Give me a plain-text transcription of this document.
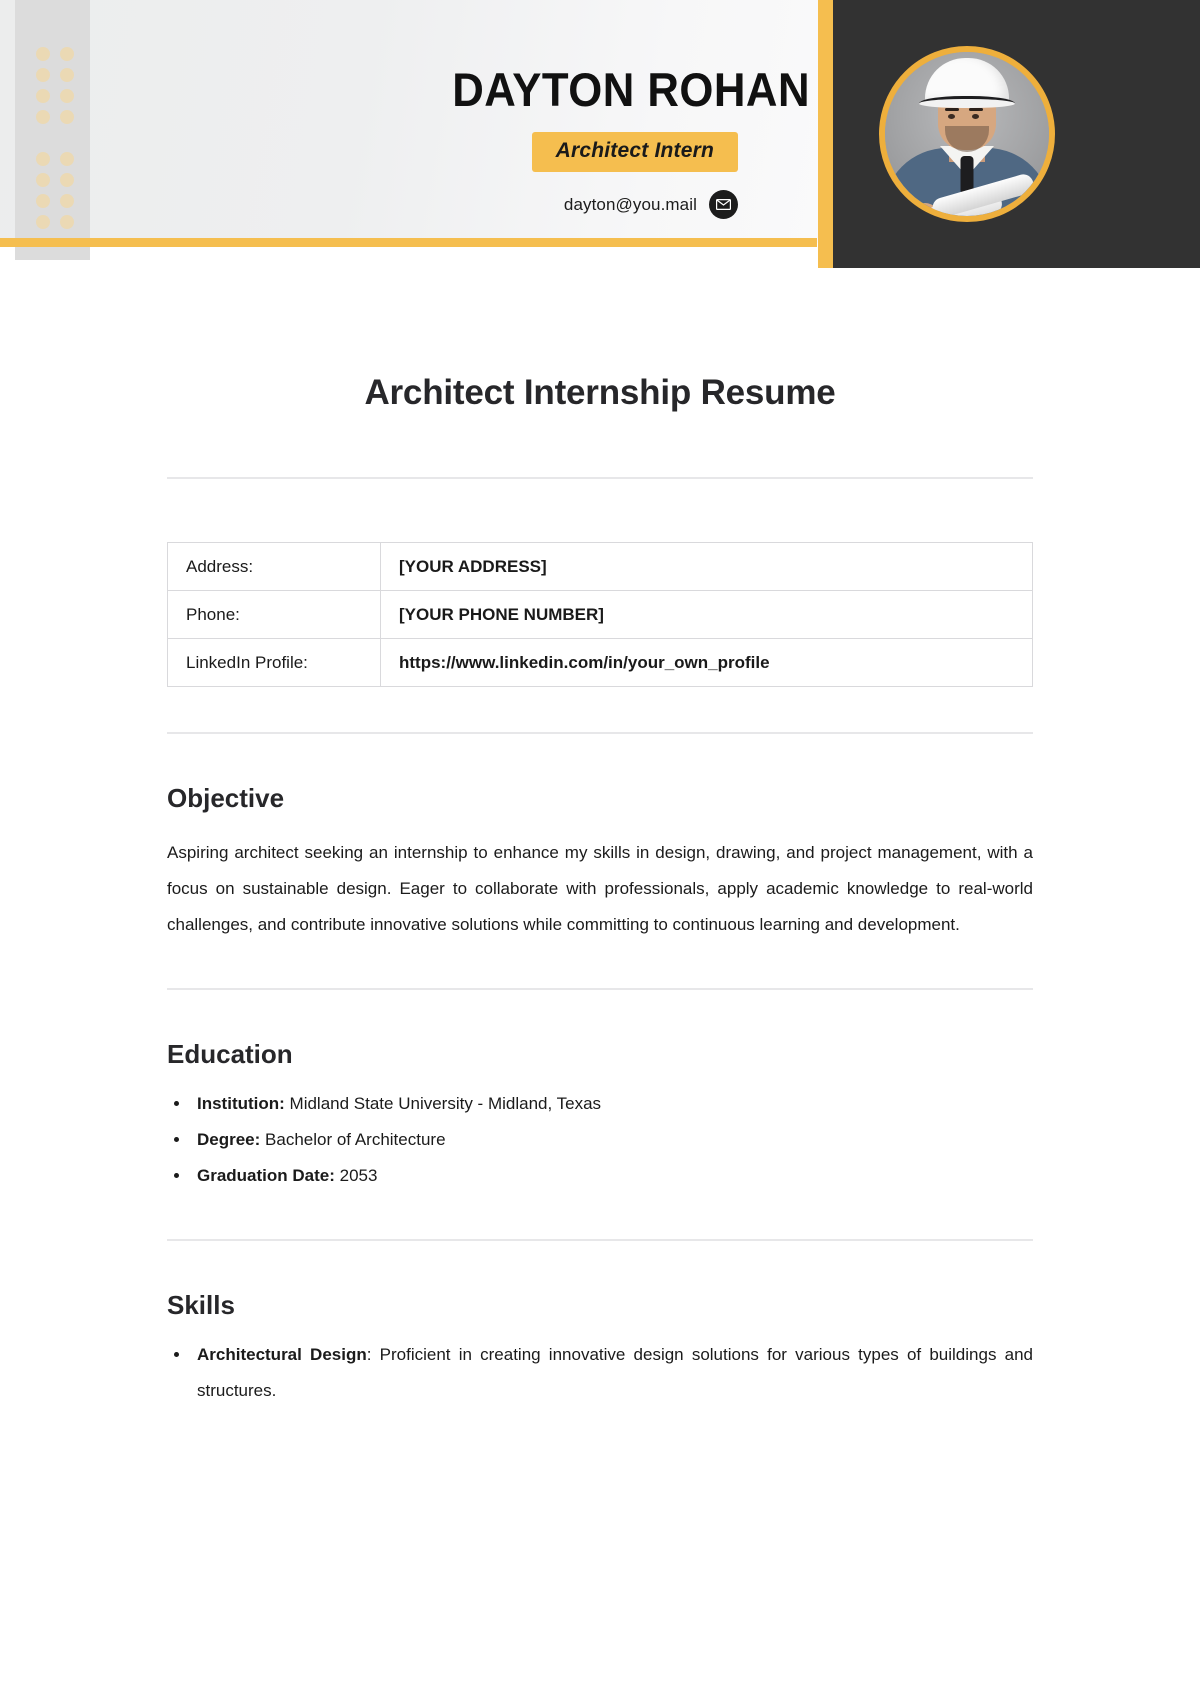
DAYTON ROHAN
Architect Intern
dayton@you.mail
Architect Internship Resume
Address:	[YOUR ADDRESS]
Phone:	[YOUR PHONE NUMBER]
LinkedIn Profile:	https://www.linkedin.com/in/your_own_profile
Objective

Aspiring architect seeking an internship to enhance my skills in design, drawing, and project management, with a focus on sustainable design. Eager to collaborate with professionals, apply academic knowledge to real-world challenges, and contribute innovative solutions while committing to continuous learning and development.

Education
• Institution: Midland State University - Midland, Texas
• Degree: Bachelor of Architecture
• Graduation Date: 2053
Skills
• Architectural Design: Proficient in creating innovative design solutions for various types of buildings and structures.
